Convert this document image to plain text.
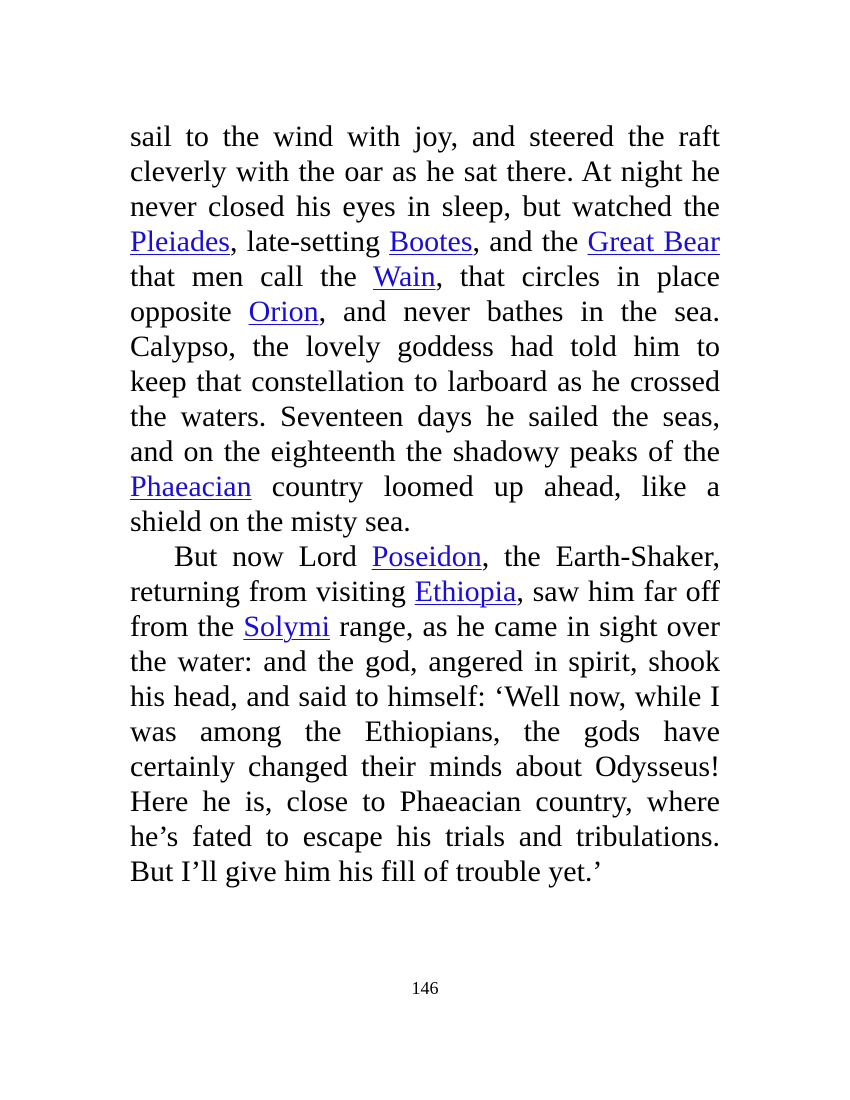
sail to the wind with joy, and steered the raft cleverly with the oar as he sat there. At night he never closed his eyes in sleep, but watched the Pleiades, late-setting Bootes, and the Great Bear that men call the Wain, that circles in place opposite Orion, and never bathes in the sea. Calypso, the lovely goddess had told him to keep that constellation to larboard as he crossed the waters. Seventeen days he sailed the seas, and on the eighteenth the shadowy peaks of the Phaeacian country loomed up ahead, like a shield on the misty sea.

But now Lord Poseidon, the Earth-Shaker, returning from visiting Ethiopia, saw him far off from the Solymi range, as he came in sight over the water: and the god, angered in spirit, shook his head, and said to himself: ‘Well now, while I was among the Ethiopians, the gods have certainly changed their minds about Odysseus! Here he is, close to Phaeacian country, where he’s fated to escape his trials and tribulations. But I’ll give him his fill of trouble yet.’

146
